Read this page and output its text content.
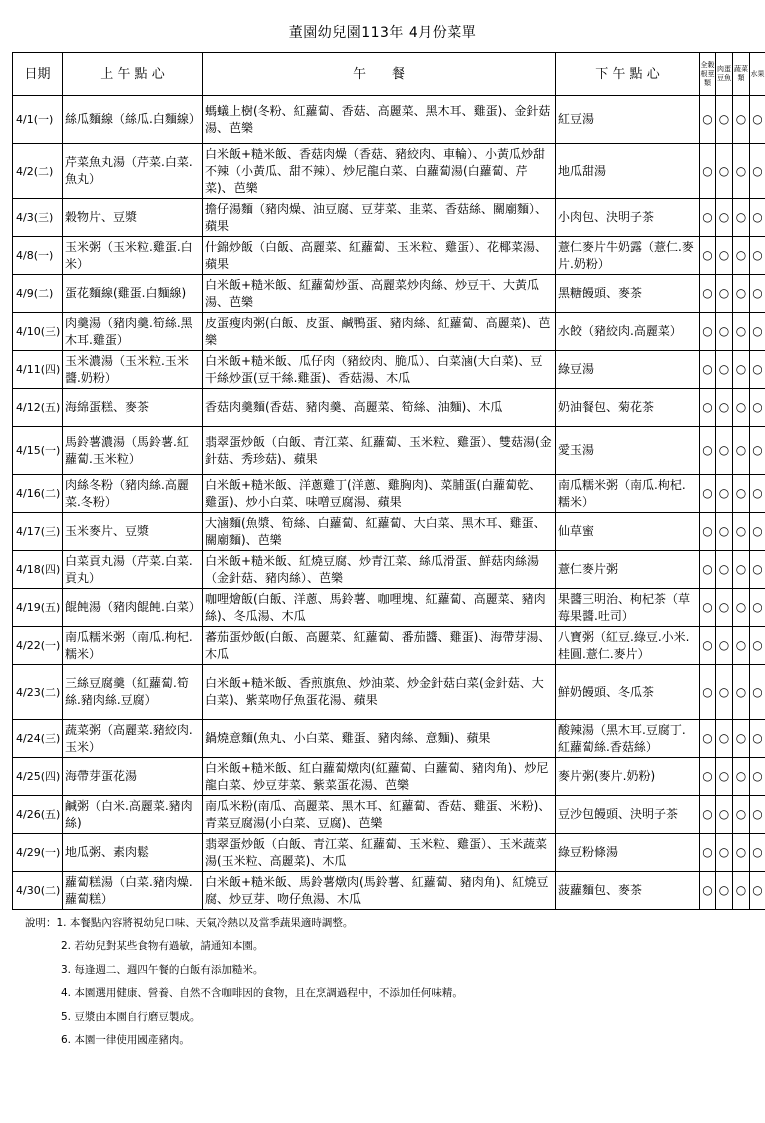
董園幼兒園113年 4月份菜單
日期	上 午 點 心	午　　餐	下 午 點 心	全穀根莖類	肉蛋豆魚	蔬菜類	水果
4/1(一)	絲瓜麵線（絲瓜.白麵線）	螞蟻上樹(冬粉、紅蘿蔔、香菇、高麗菜、黑木耳、雞蛋)、金針菇湯、芭樂	紅豆湯	○	○	○	○
4/2(二)	芹菜魚丸湯（芹菜.白菜.魚丸）	白米飯+糙米飯、香菇肉燥（香菇、豬絞肉、車輪）、小黃瓜炒甜不辣（小黃瓜、甜不辣）、炒尼龍白菜、白蘿蔔湯(白蘿蔔、芹菜)、芭樂	地瓜甜湯	○	○	○	○
4/3(三)	穀物片、豆漿	擔仔湯麵（豬肉燥、油豆腐、豆芽菜、韭菜、香菇絲、關廟麵）、蘋果	小肉包、決明子茶	○	○	○	○
4/8(一)	玉米粥（玉米粒.雞蛋.白米）	什錦炒飯（白飯、高麗菜、紅蘿蔔、玉米粒、雞蛋）、花椰菜湯、蘋果	薏仁麥片牛奶露（薏仁.麥片.奶粉）	○	○	○	○
4/9(二)	蛋花麵線(雞蛋.白麵線)	白米飯+糙米飯、紅蘿蔔炒蛋、高麗菜炒肉絲、炒豆干、大黃瓜湯、芭樂	黑糖饅頭、麥茶	○	○	○	○
4/10(三)	肉羹湯（豬肉羹.筍絲.黑木耳.雞蛋）	皮蛋瘦肉粥(白飯、皮蛋、鹹鴨蛋、豬肉絲、紅蘿蔔、高麗菜)、芭樂	水餃（豬絞肉.高麗菜）	○	○	○	○
4/11(四)	玉米濃湯（玉米粒.玉米醬.奶粉）	白米飯+糙米飯、瓜仔肉（豬絞肉、脆瓜）、白菜滷(大白菜)、豆干絲炒蛋(豆干絲.雞蛋)、香菇湯、木瓜	綠豆湯	○	○	○	○
4/12(五)	海綿蛋糕、麥茶	香菇肉羹麵(香菇、豬肉羹、高麗菜、筍絲、油麵)、木瓜	奶油餐包、菊花茶	○	○	○	○
4/15(一)	馬鈴薯濃湯（馬鈴薯.紅蘿蔔.玉米粒）	翡翠蛋炒飯（白飯、青江菜、紅蘿蔔、玉米粒、雞蛋）、雙菇湯(金針菇、秀珍菇)、蘋果	愛玉湯	○	○	○	○
4/16(二)	肉絲冬粉（豬肉絲.高麗菜.冬粉）	白米飯+糙米飯、洋蔥雞丁(洋蔥、雞胸肉)、菜脯蛋(白蘿蔔乾、雞蛋)、炒小白菜、味噌豆腐湯、蘋果	南瓜糯米粥（南瓜.枸杞.糯米）	○	○	○	○
4/17(三)	玉米麥片、豆漿	大滷麵(魚漿、筍絲、白蘿蔔、紅蘿蔔、大白菜、黑木耳、雞蛋、關廟麵)、芭樂	仙草蜜	○	○	○	○
4/18(四)	白菜貢丸湯（芹菜.白菜.貢丸）	白米飯+糙米飯、紅燒豆腐、炒青江菜、絲瓜滑蛋、鮮菇肉絲湯（金針菇、豬肉絲）、芭樂	薏仁麥片粥	○	○	○	○
4/19(五)	餛飩湯（豬肉餛飩.白菜）	咖哩燴飯(白飯、洋蔥、馬鈴薯、咖哩塊、紅蘿蔔、高麗菜、豬肉絲)、冬瓜湯、木瓜	果醬三明治、枸杞茶（草莓果醬.吐司）	○	○	○	○
4/22(一)	南瓜糯米粥（南瓜.枸杞.糯米）	蕃茄蛋炒飯(白飯、高麗菜、紅蘿蔔、番茄醬、雞蛋)、海帶芽湯、木瓜	八寶粥（紅豆.綠豆.小米.桂圓.薏仁.麥片）	○	○	○	○
4/23(二)	三絲豆腐羹（紅蘿蔔.筍絲.豬肉絲.豆腐）	白米飯+糙米飯、香煎旗魚、炒油菜、炒金針菇白菜(金針菇、大白菜)、紫菜吻仔魚蛋花湯、蘋果	鮮奶饅頭、冬瓜茶	○	○	○	○
4/24(三)	蔬菜粥（高麗菜.豬絞肉.玉米）	鍋燒意麵(魚丸、小白菜、雞蛋、豬肉絲、意麵)、蘋果	酸辣湯（黑木耳.豆腐丁.紅蘿蔔絲.香菇絲）	○	○	○	○
4/25(四)	海帶芽蛋花湯	白米飯+糙米飯、紅白蘿蔔燉肉(紅蘿蔔、白蘿蔔、豬肉角)、炒尼龍白菜、炒豆芽菜、紫菜蛋花湯、芭樂	麥片粥(麥片.奶粉)	○	○	○	○
4/26(五)	鹹粥（白米.高麗菜.豬肉絲)	南瓜米粉(南瓜、高麗菜、黑木耳、紅蘿蔔、香菇、雞蛋、米粉)、青菜豆腐湯(小白菜、豆腐)、芭樂	豆沙包饅頭、決明子茶	○	○	○	○
4/29(一)	地瓜粥、素肉鬆	翡翠蛋炒飯（白飯、青江菜、紅蘿蔔、玉米粒、雞蛋）、玉米蔬菜湯(玉米粒、高麗菜)、木瓜	綠豆粉條湯	○	○	○	○
4/30(二)	蘿蔔糕湯（白菜.豬肉燥.蘿蔔糕）	白米飯+糙米飯、馬鈴薯燉肉(馬鈴薯、紅蘿蔔、豬肉角)、紅燒豆腐、炒豆芽、吻仔魚湯、木瓜	菠蘿麵包、麥茶	○	○	○	○
說明：1. 本餐點內容將視幼兒口味、天氣冷熱以及當季蔬果適時調整。
2. 若幼兒對某些食物有過敏，請通知本園。
3. 每逢週二、週四午餐的白飯有添加糙米。
4. 本園選用健康、營養、自然不含咖啡因的食物，且在烹調過程中，不添加任何味精。
5. 豆漿由本園自行磨豆製成。
6. 本園一律使用國產豬肉。
